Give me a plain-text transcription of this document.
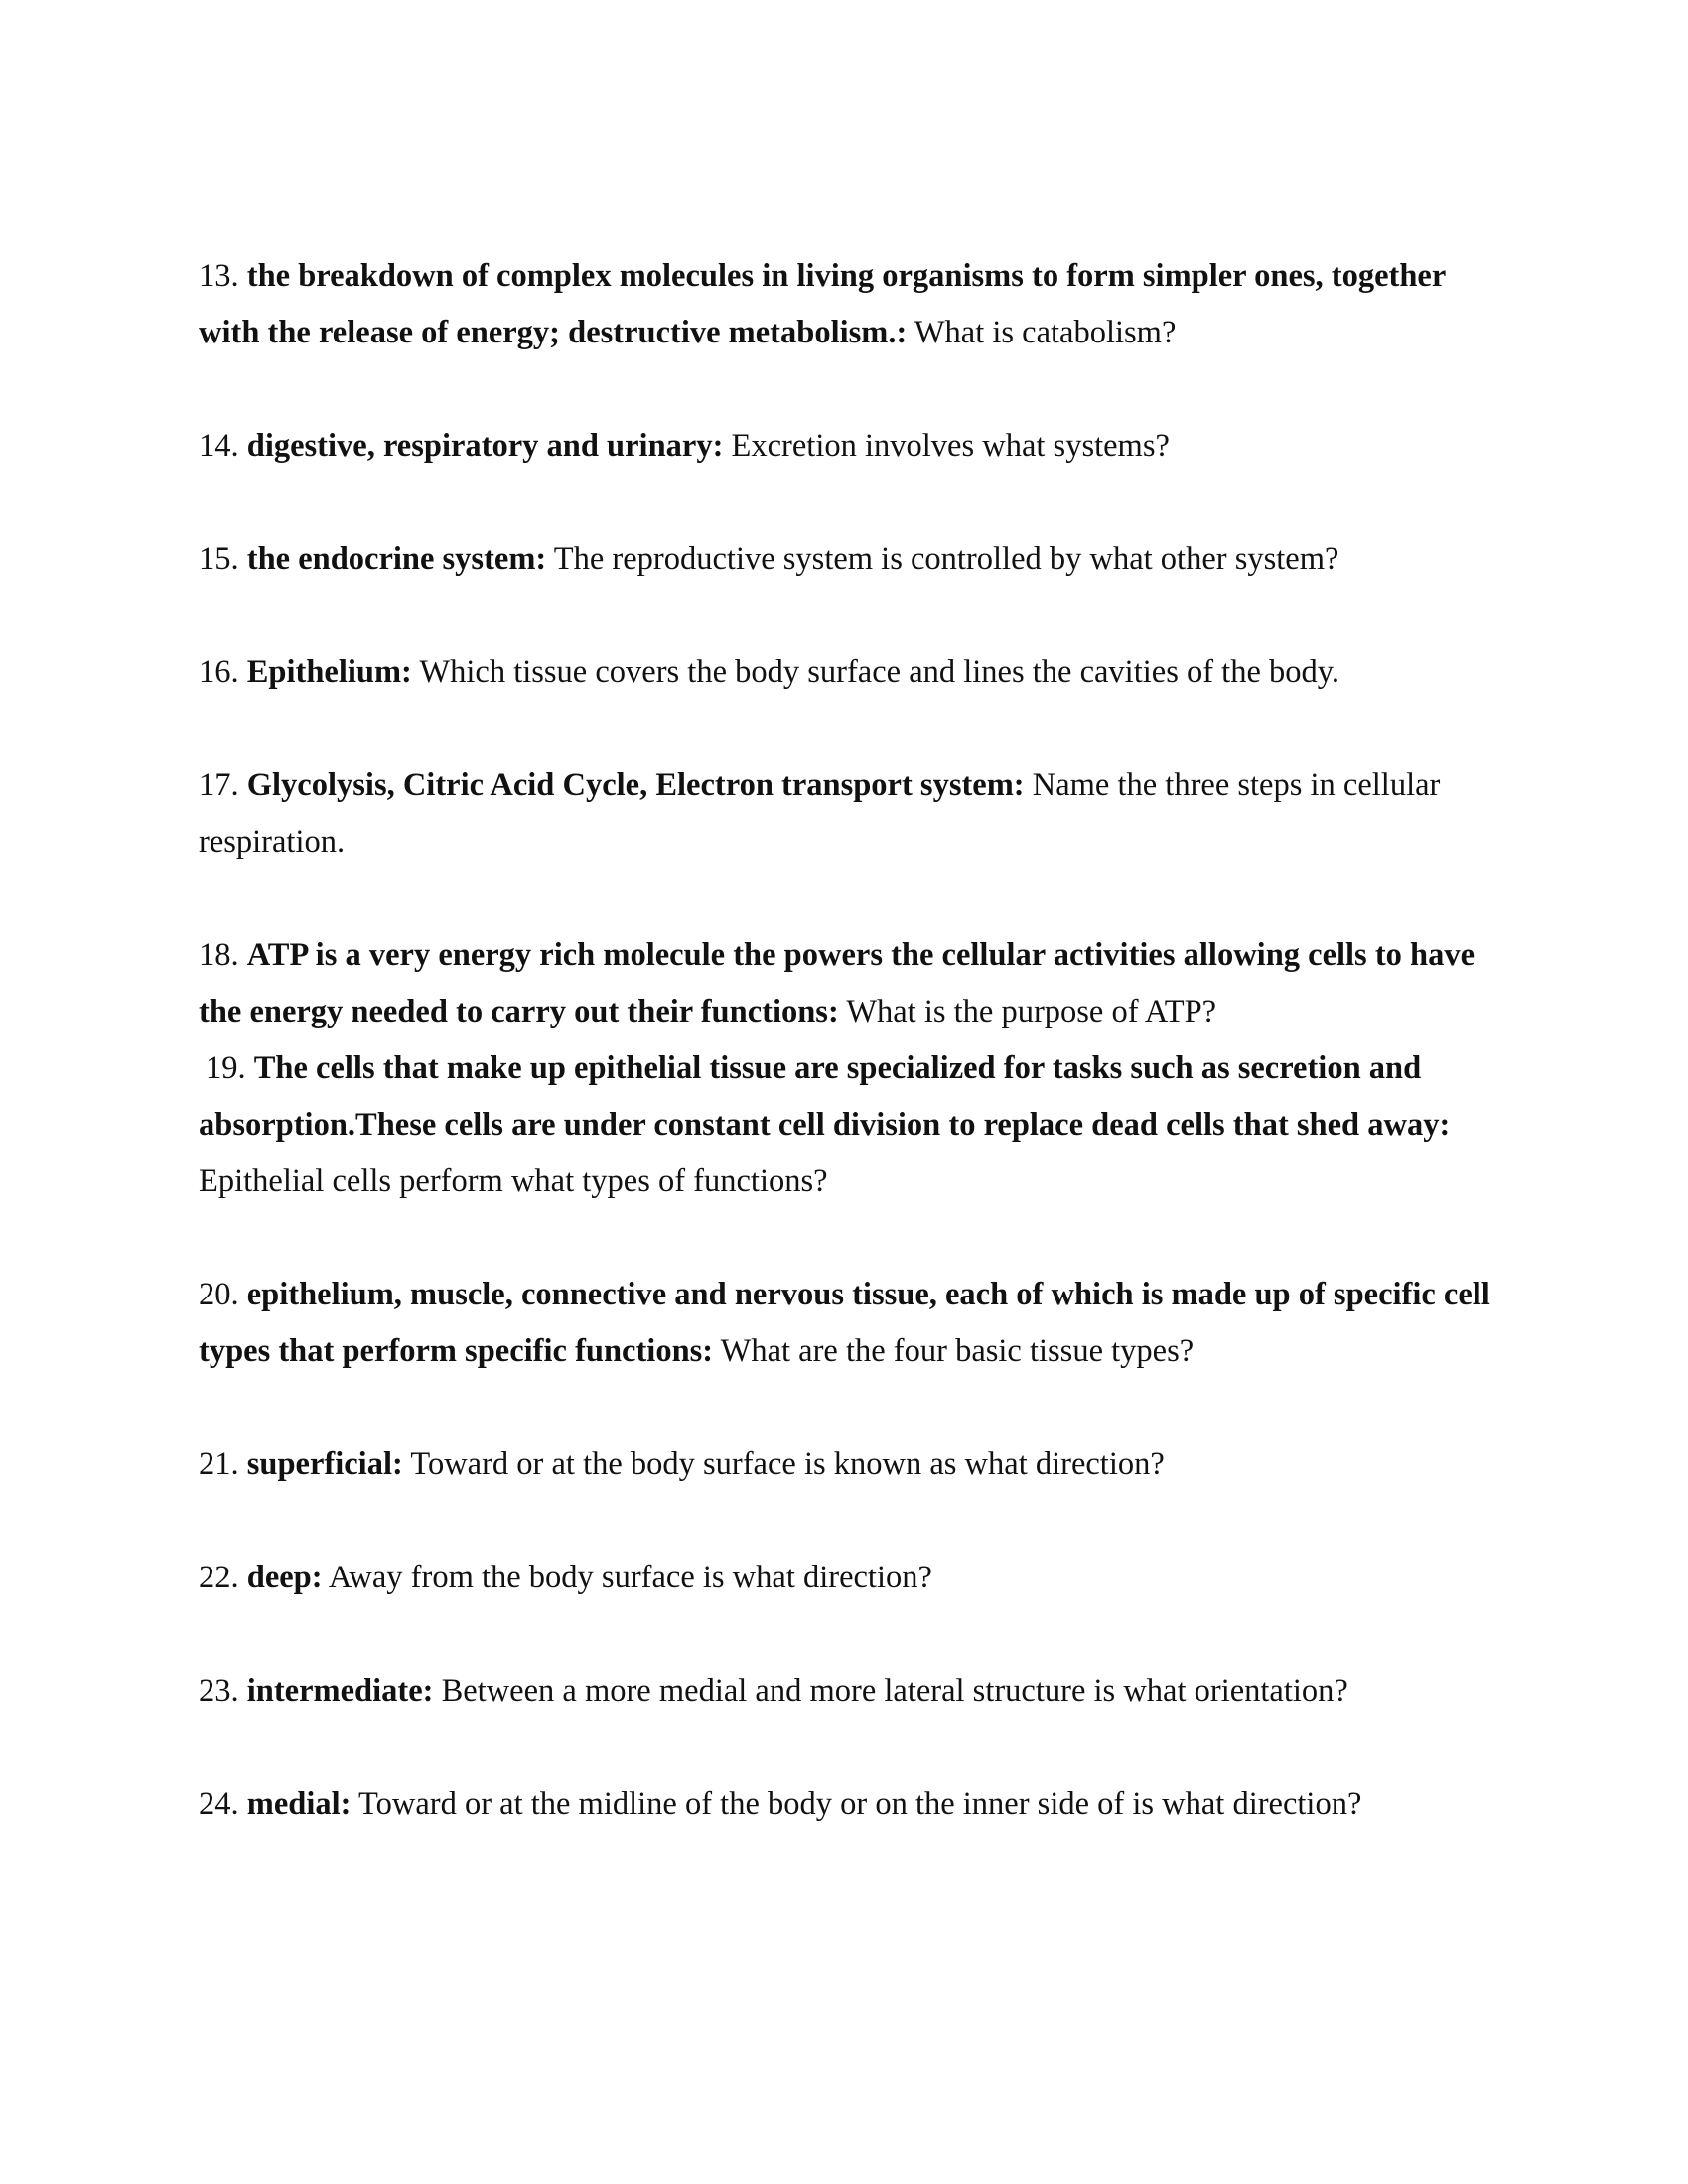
13. the breakdown of complex molecules in living organisms to form simpler ones, together with the release of energy; destructive metabolism.: What is catabolism?

14. digestive, respiratory and urinary: Excretion involves what systems?

15. the endocrine system: The reproductive system is controlled by what other system?

16. Epithelium: Which tissue covers the body surface and lines the cavities of the body.

17. Glycolysis, Citric Acid Cycle, Electron transport system: Name the three steps in cellular respiration.

18. ATP is a very energy rich molecule the powers the cellular activities allowing cells to have the energy needed to carry out their functions: What is the purpose of ATP?

19. The cells that make up epithelial tissue are specialized for tasks such as secretion and absorption.These cells are under constant cell division to replace dead cells that shed away: Epithelial cells perform what types of functions?

20. epithelium, muscle, connective and nervous tissue, each of which is made up of specific cell types that perform specific functions: What are the four basic tissue types?

21. superficial: Toward or at the body surface is known as what direction?

22. deep: Away from the body surface is what direction?

23. intermediate: Between a more medial and more lateral structure is what orientation?

24. medial: Toward or at the midline of the body or on the inner side of is what direction?
